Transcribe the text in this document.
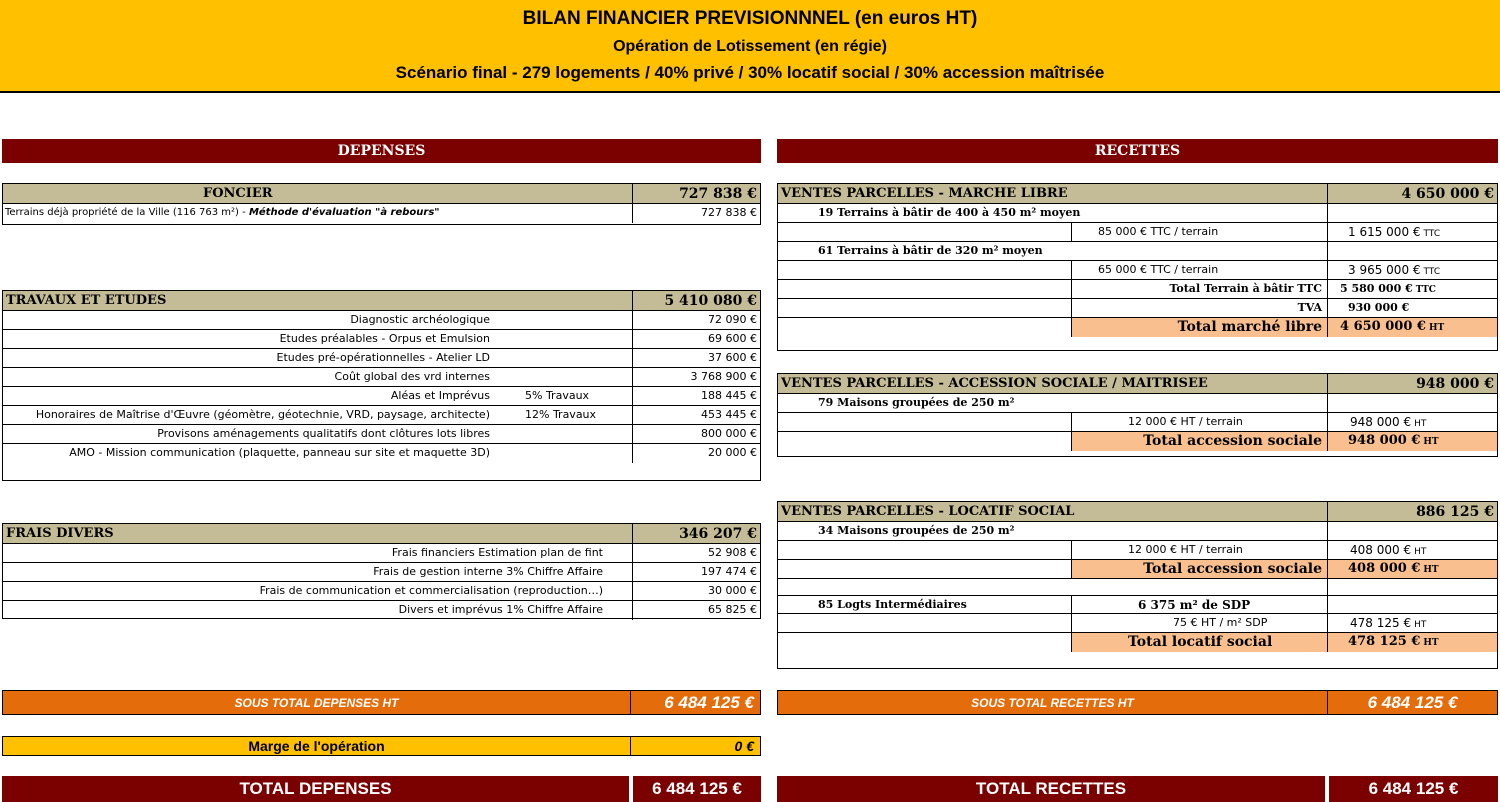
BILAN FINANCIER PREVISIONNNEL (en euros HT)
Opération de Lotissement (en régie)
Scénario final - 279 logements / 40% privé / 30% locatif social / 30% accession maîtrisée
DEPENSES	RECETTES
FONCIER	727 838 €
Terrains déjà propriété de la Ville (116 763 m²) - Méthode d'évaluation "à rebours"	727 838 €
TRAVAUX ET ETUDES	5 410 080 €
Diagnostic archéologique	72 090 €
Etudes préalables - Orpus et Emulsion	69 600 €
Etudes pré-opérationnelles - Atelier LD	37 600 €
Coût global des vrd internes	3 768 900 €
Aléas et Imprévus	5% Travaux	188 445 €
Honoraires de Maîtrise d'Œuvre (géomètre, géotechnie, VRD, paysage, architecte)	12% Travaux	453 445 €
Provisons aménagements qualitatifs dont clôtures lots libres	800 000 €
AMO - Mission communication (plaquette, panneau sur site et maquette 3D)	20 000 €
FRAIS DIVERS	346 207 €
Frais financiers Estimation plan de fint	52 908 €
Frais de gestion interne 3% Chiffre Affaire	197 474 €
Frais de communication et commercialisation (reproduction…)	30 000 €
Divers et imprévus 1% Chiffre Affaire	65 825 €
VENTES PARCELLES - MARCHE LIBRE	4 650 000 €
19 Terrains à bâtir de 400 à 450 m² moyen
85 000 € TTC / terrain	1 615 000 € TTC
61 Terrains à bâtir de 320 m² moyen
65 000 € TTC / terrain	3 965 000 € TTC
Total Terrain à bâtir TTC 5 580 000 € TTC
TVA 930 000 €
Total marché libre 4 650 000 € HT
VENTES PARCELLES - ACCESSION SOCIALE / MAITRISEE	948 000 €
79 Maisons groupées de 250 m²
12 000 € HT / terrain	948 000 € HT
Total accession sociale 948 000 € HT
VENTES PARCELLES - LOCATIF SOCIAL	886 125 €
34 Maisons groupées de 250 m²
12 000 € HT / terrain	408 000 € HT
Total accession sociale 408 000 € HT
85 Logts Intermédiaires	6 375 m² de SDP
75 € HT / m² SDP	478 125 € HT
Total locatif social	478 125 € HT
SOUS TOTAL DEPENSES HT	6 484 125 €	SOUS TOTAL RECETTES HT	6 484 125 €
Marge de l'opération	0 €
TOTAL DEPENSES	6 484 125 €	TOTAL RECETTES	6 484 125 €
